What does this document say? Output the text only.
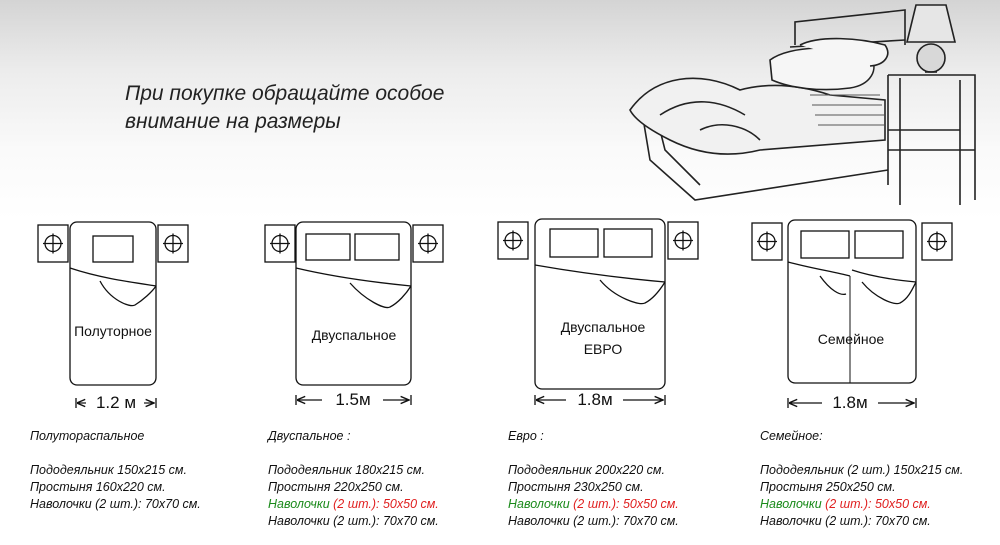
При покупке обращайте особое
внимание на размеры
Полуторное	Двуспальное	Двуспальное
ЕВРО
Семейное
1.2 м	1.5м	1.8м	1.8м
Полутораспальное
Пододеяльник 150х215 см.
Простыня 160х220 см.
Наволочки (2 шт.): 70х70 см.
Двуспальное :
Пододеяльник 180х215 см.
Простыня 220х250 см.
Наволочки (2 шт.): 50х50 см.
Наволочки (2 шт.): 70х70 см.
Евро :
Пододеяльник 200х220 см.
Простыня 230х250 см.
Наволочки (2 шт.): 50х50 см.
Наволочки (2 шт.): 70х70 см.
Семейное:
Пододеяльник (2 шт.) 150х215 см.
Простыня 250х250 см.
Наволочки (2 шт.): 50х50 см.
Наволочки (2 шт.): 70х70 см.
